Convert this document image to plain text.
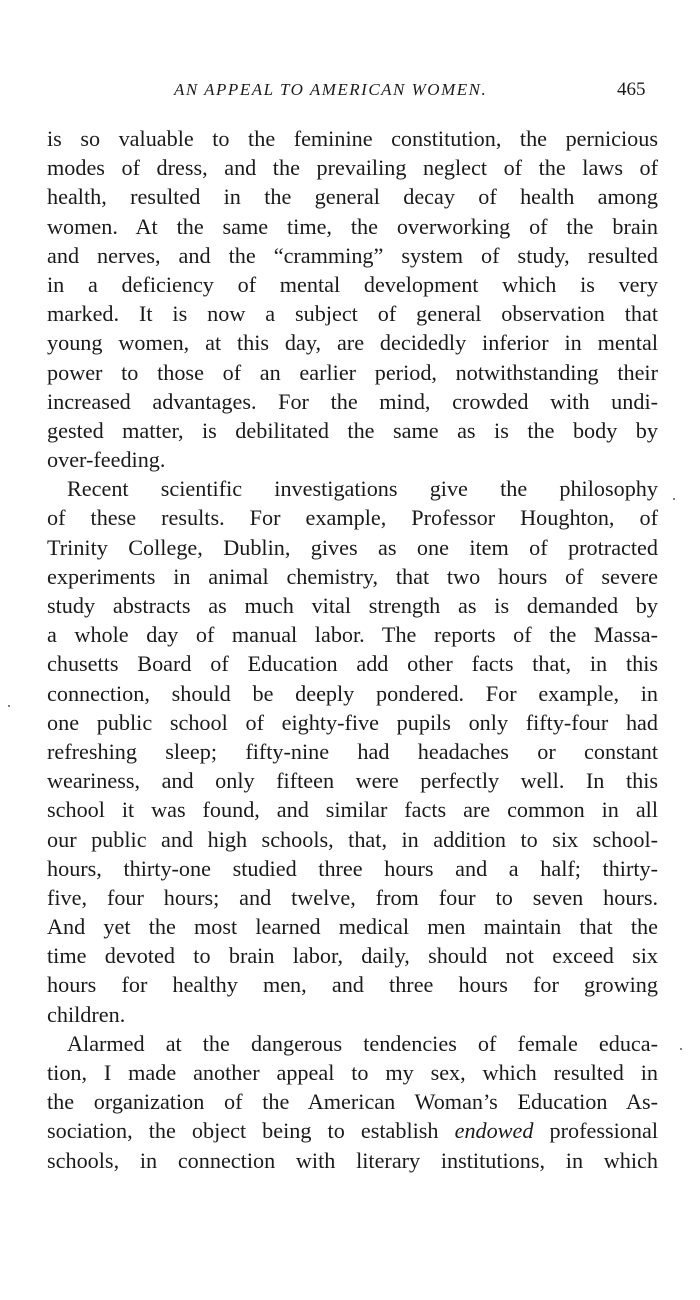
AN APPEAL TO AMERICAN WOMEN.	465
is so valuable to the feminine constitution, the pernicious
modes of dress, and the prevailing neglect of the laws of
health, resulted in the general decay of health among
women. At the same time, the overworking of the brain
and nerves, and the “cramming” system of study, resulted
in a deficiency of mental development which is very
marked. It is now a subject of general observation that
young women, at this day, are decidedly inferior in mental
power to those of an earlier period, notwithstanding their
increased advantages. For the mind, crowded with undi-
gested matter, is debilitated the same as is the body by
over-feeding.
Recent scientific investigations give the philosophy
of these results. For example, Professor Houghton, of
Trinity College, Dublin, gives as one item of protracted
experiments in animal chemistry, that two hours of severe
study abstracts as much vital strength as is demanded by
a whole day of manual labor. The reports of the Massa-
chusetts Board of Education add other facts that, in this
connection, should be deeply pondered. For example, in
one public school of eighty-five pupils only fifty-four had
refreshing sleep; fifty-nine had headaches or constant
weariness, and only fifteen were perfectly well. In this
school it was found, and similar facts are common in all
our public and high schools, that, in addition to six school-
hours, thirty-one studied three hours and a half; thirty-
five, four hours; and twelve, from four to seven hours.
And yet the most learned medical men maintain that the
time devoted to brain labor, daily, should not exceed six
hours for healthy men, and three hours for growing
children.
Alarmed at the dangerous tendencies of female educa-
tion, I made another appeal to my sex, which resulted in
the organization of the American Woman’s Education As-
sociation, the object being to establish endowed professional
schools, in connection with literary institutions, in which
